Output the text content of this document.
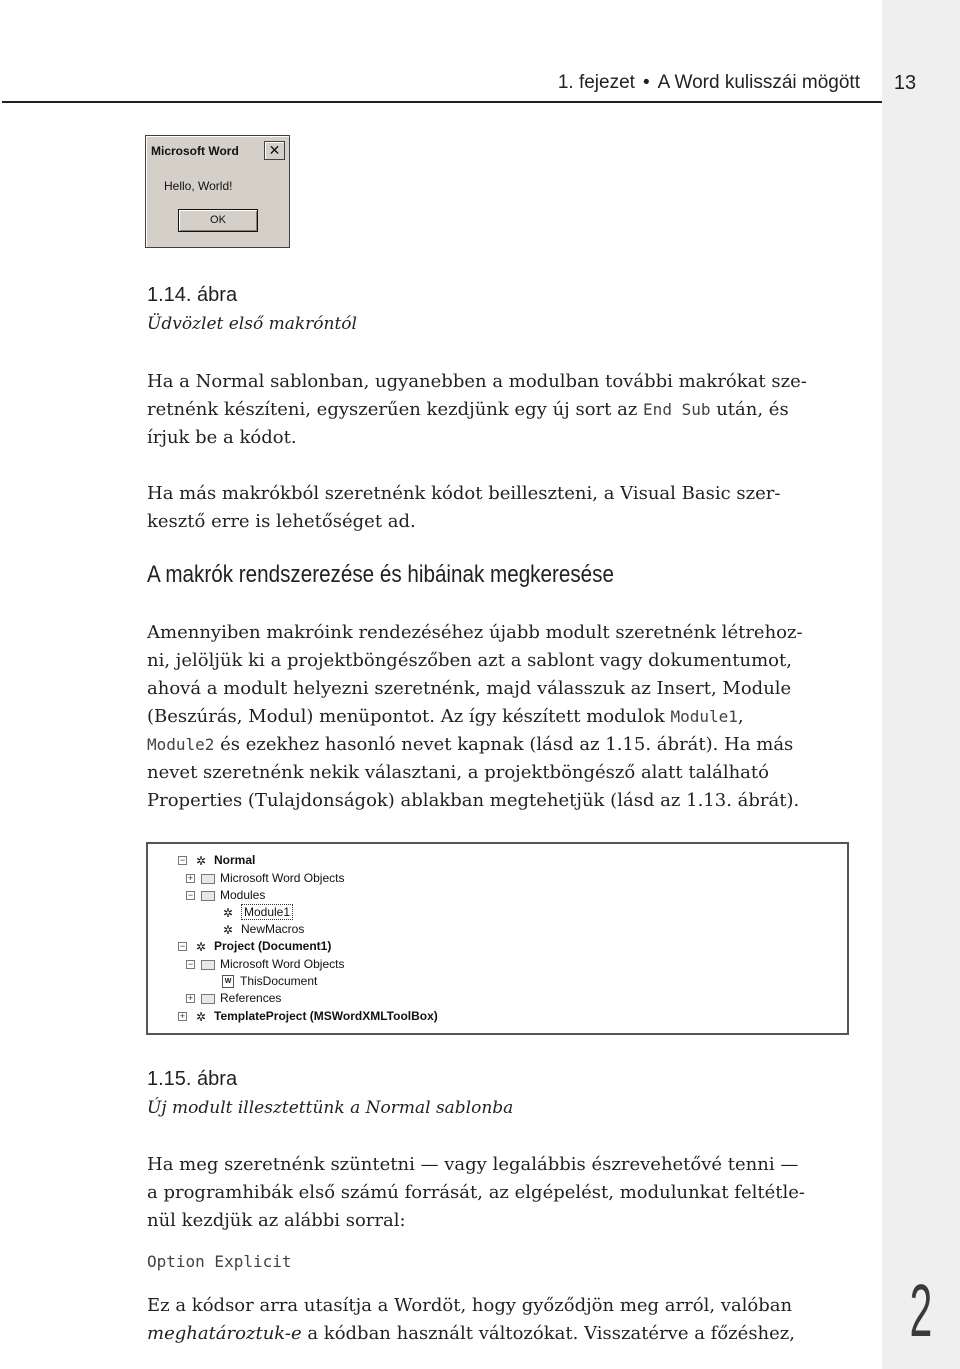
2
1. fejezet • A Word kulisszái mögött	13
Microsoft Word	✕
Hello, World!
OK
1.14. ábra
Üdvözlet első makróntól
Ha a Normal sablonban, ugyanebben a modulban további makrókat sze-
retnénk készíteni, egyszerűen kezdjünk egy új sort az End Sub után, és
írjuk be a kódot.
Ha más makrókból szeretnénk kódot beilleszteni, a Visual Basic szer-
kesztő erre is lehetőséget ad.
A makrók rendszerezése és hibáinak megkeresése
Amennyiben makróink rendezéséhez újabb modult szeretnénk létrehoz-
ni, jelöljük ki a projektböngészőben azt a sablont vagy dokumentumot,
ahová a modult helyezni szeretnénk, majd válasszuk az Insert, Module
(Beszúrás, Modul) menüpontot. Az így készített modulok Module1,
Module2 és ezekhez hasonló nevet kapnak (lásd az 1.15. ábrát). Ha más
nevet szeretnénk nekik választani, a projektböngésző alatt található
Properties (Tulajdonságok) ablakban megtehetjük (lásd az 1.13. ábrát).
− ✲ Normal
+ Microsoft Word Objects
− Modules
✲ Module1
✲ NewMacros
− ✲ Project (Document1)
− Microsoft Word Objects
W ThisDocument
+ References
+ ✲ TemplateProject (MSWordXMLToolBox)
1.15. ábra
Új modult illesztettünk a Normal sablonba
Ha meg szeretnénk szüntetni — vagy legalábbis észrevehetővé tenni —
a programhibák első számú forrását, az elgépelést, modulunkat feltétle-
nül kezdjük az alábbi sorral:
Option Explicit
Ez a kódsor arra utasítja a Wordöt, hogy győződjön meg arról, valóban
meghatároztuk-e a kódban használt változókat. Visszatérve a főzéshez,
